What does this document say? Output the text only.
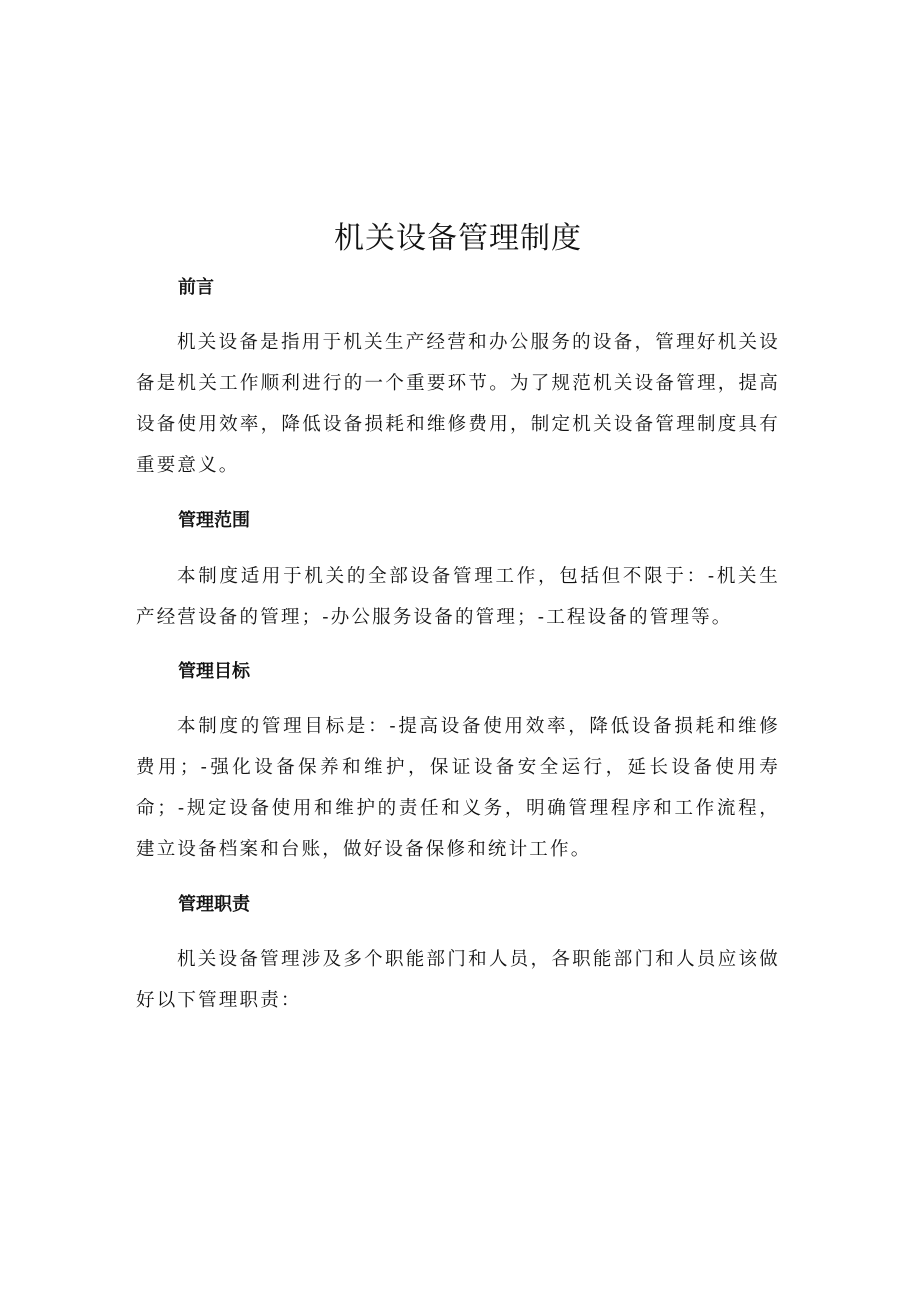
机关设备管理制度
前言

机关设备是指用于机关生产经营和办公服务的设备，管理好机关设备是机关工作顺利进行的一个重要环节。为了规范机关设备管理，提高设备使用效率，降低设备损耗和维修费用，制定机关设备管理制度具有重要意义。

管理范围

本制度适用于机关的全部设备管理工作，包括但不限于：-机关生产经营设备的管理；-办公服务设备的管理；-工程设备的管理等。

管理目标

本制度的管理目标是：-提高设备使用效率，降低设备损耗和维修费用；-强化设备保养和维护，保证设备安全运行，延长设备使用寿命；-规定设备使用和维护的责任和义务，明确管理程序和工作流程，建立设备档案和台账，做好设备保修和统计工作。

管理职责

机关设备管理涉及多个职能部门和人员，各职能部门和人员应该做好以下管理职责：
